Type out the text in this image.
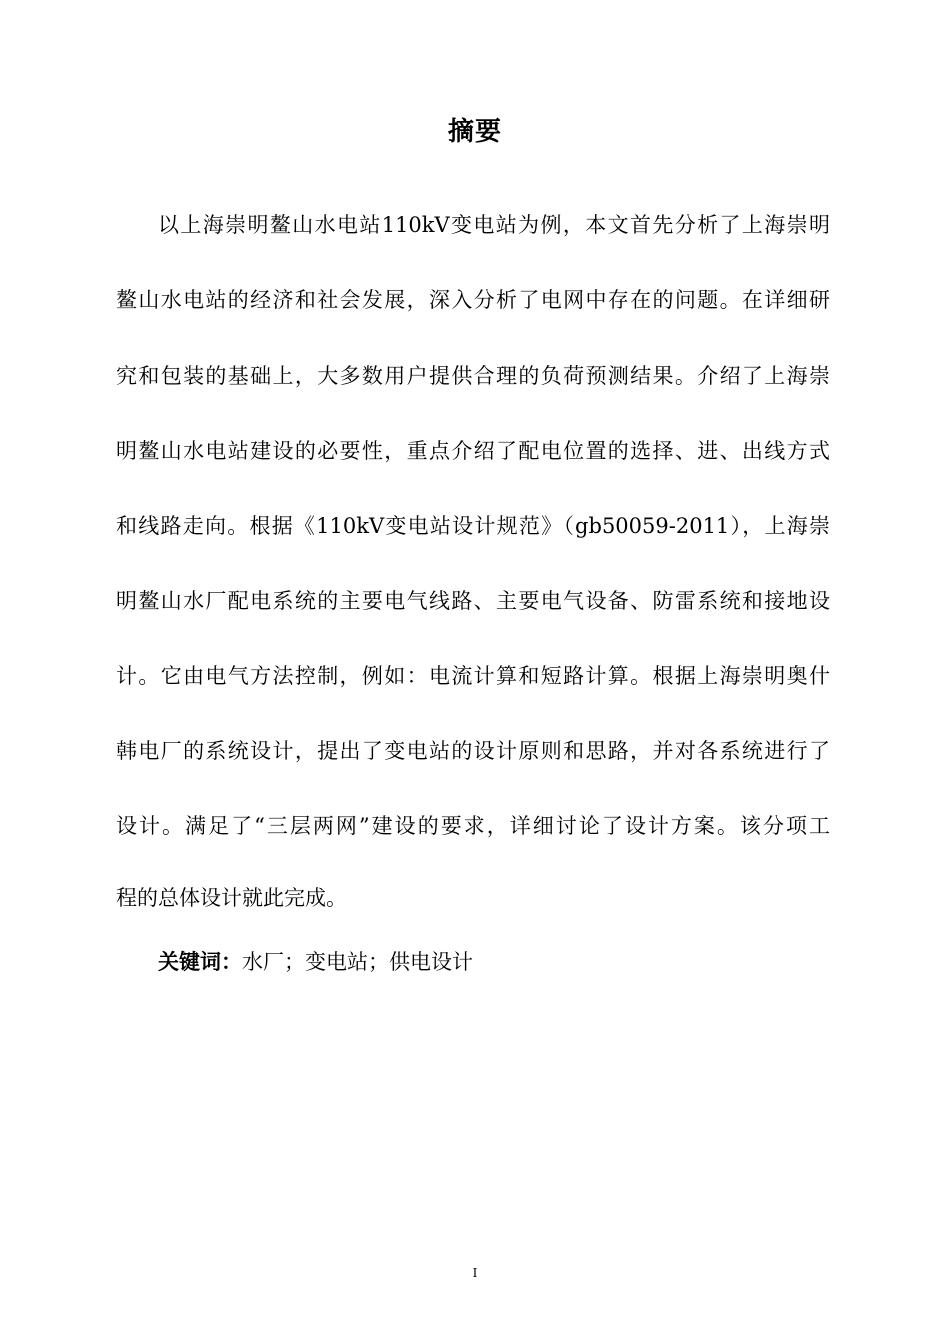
摘要
以上海崇明鳌山水电站110kV变电站为例，本文首先分析了上海崇明
鳌山水电站的经济和社会发展，深入分析了电网中存在的问题。在详细研
究和包装的基础上，大多数用户提供合理的负荷预测结果。介绍了上海崇
明鳌山水电站建设的必要性，重点介绍了配电位置的选择、进、出线方式
和线路走向。根据《110kV变电站设计规范》（gb50059-2011），上海崇
明鳌山水厂配电系统的主要电气线路、主要电气设备、防雷系统和接地设
计。它由电气方法控制，例如：电流计算和短路计算。根据上海崇明奥什
韩电厂的系统设计，提出了变电站的设计原则和思路，并对各系统进行了
设计。满足了“三层两网”建设的要求，详细讨论了设计方案。该分项工
程的总体设计就此完成。
关键词：水厂；变电站；供电设计
I
